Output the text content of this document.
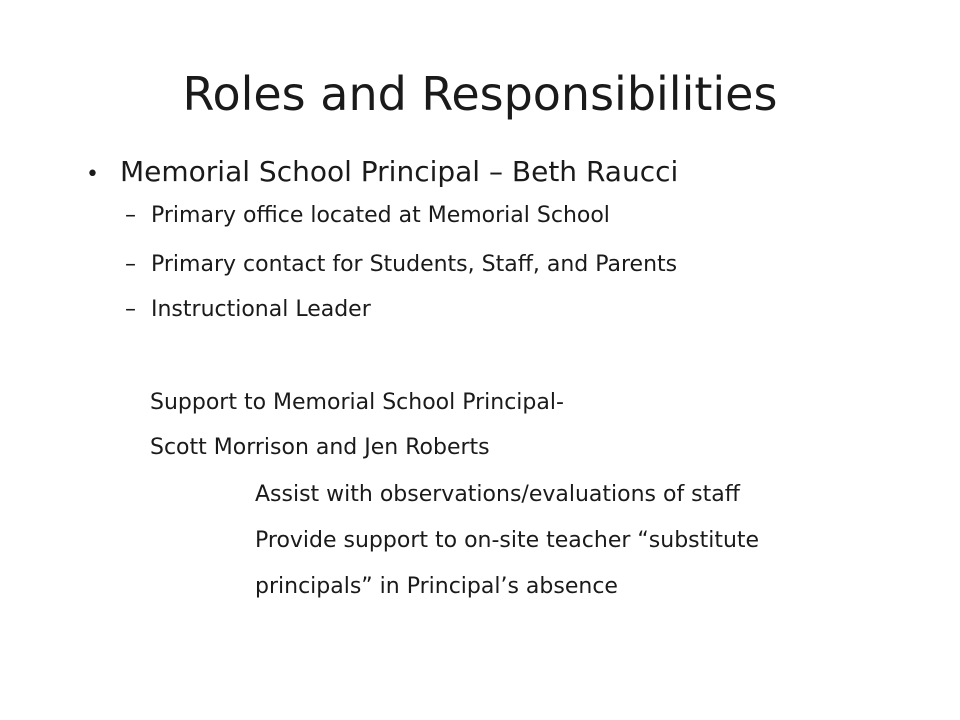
Roles and Responsibilities
• Memorial School Principal – Beth Raucci
– Primary office located at Memorial School
– Primary contact for Students, Staff, and Parents
– Instructional Leader
Support to Memorial School Principal-
Scott Morrison and Jen Roberts
Assist with observations/evaluations of staff
Provide support to on-site teacher “substitute
principals” in Principal’s absence
